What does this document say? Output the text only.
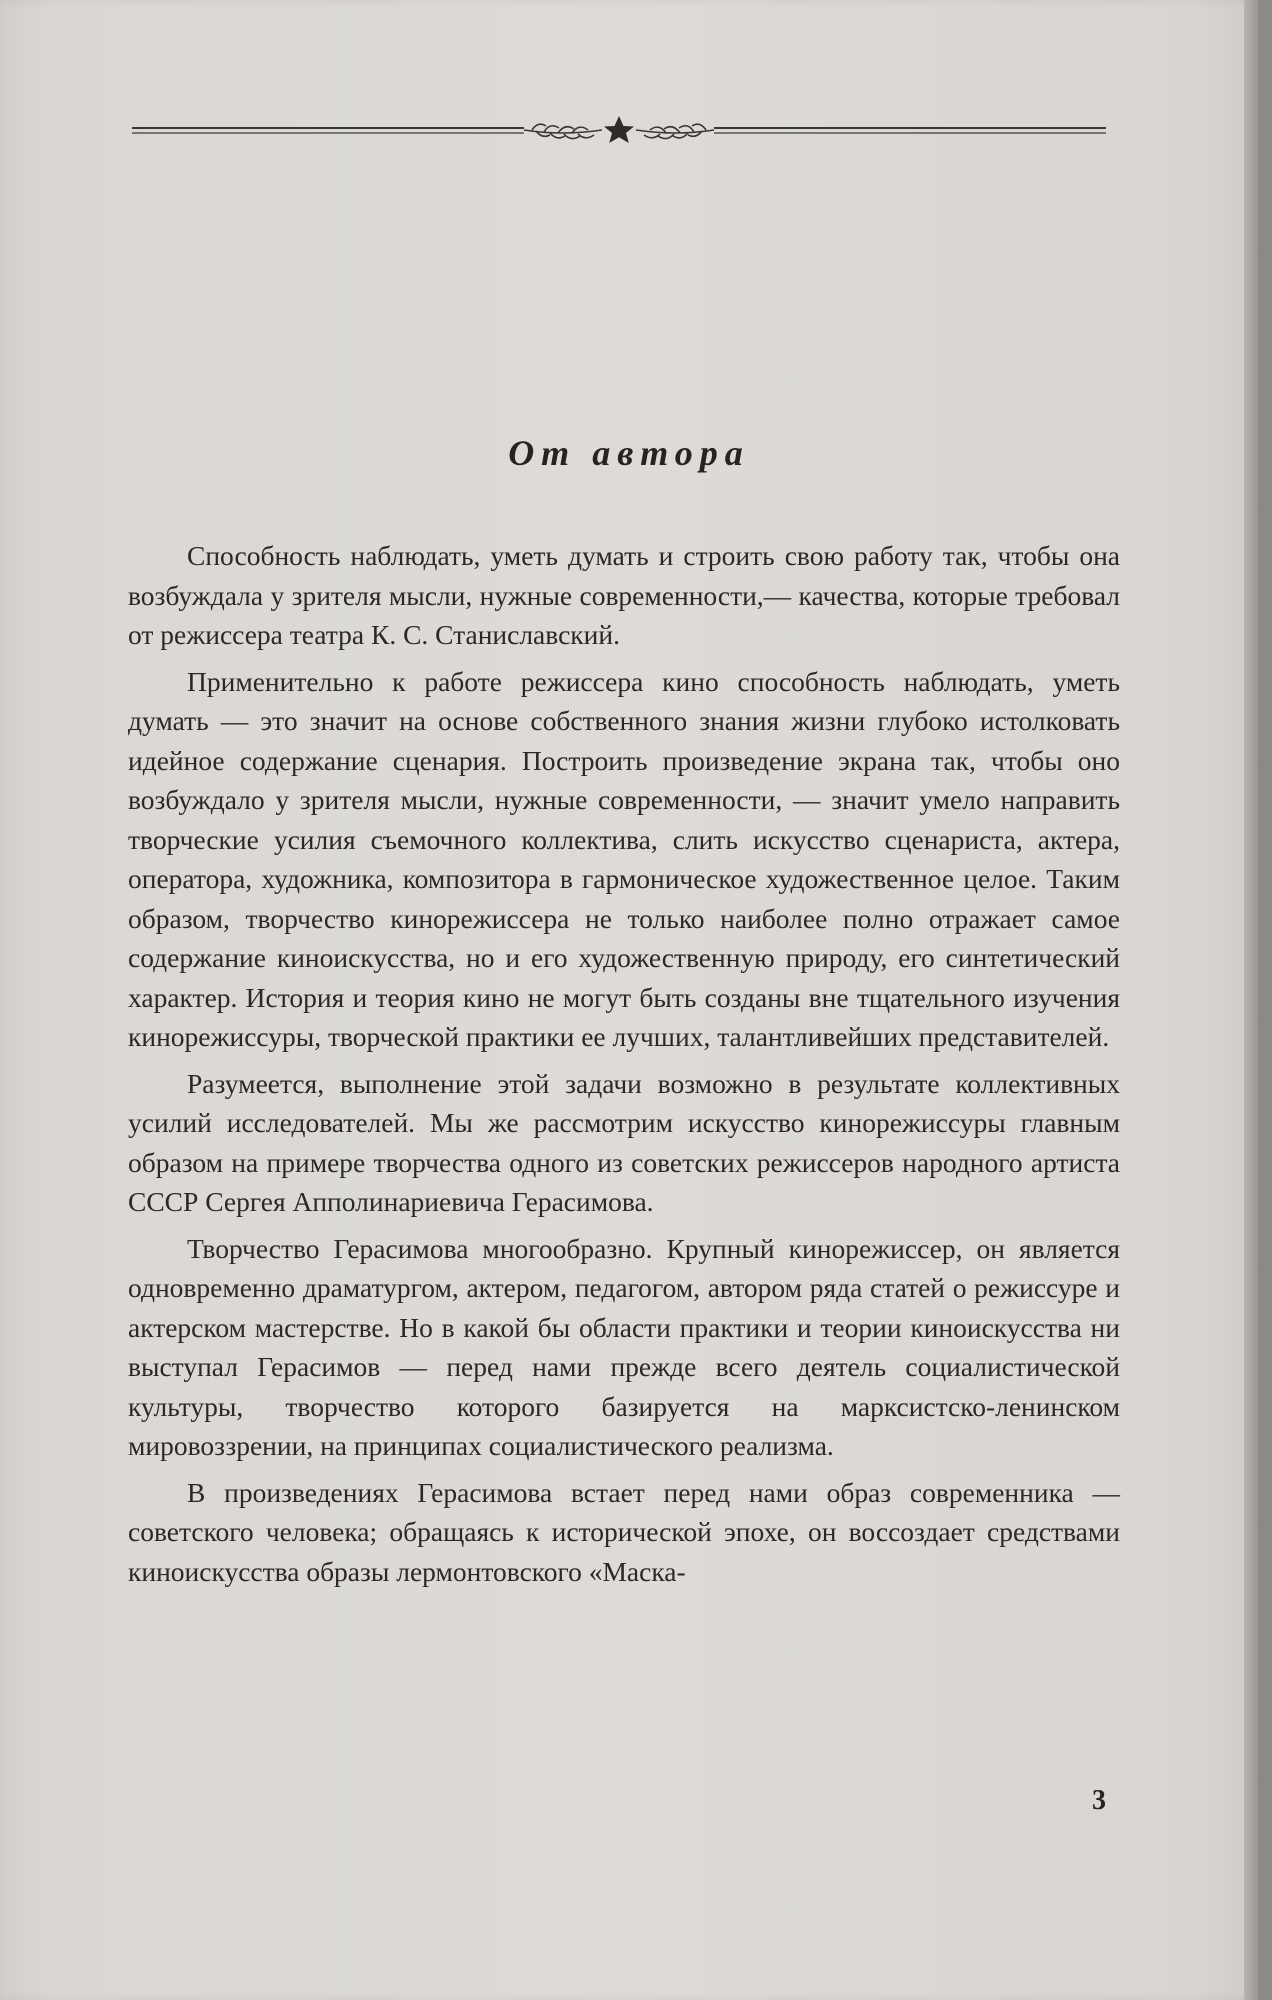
От автора

Способность наблюдать, уметь думать и строить свою работу так, чтобы она возбуждала у зрителя мысли, нужные современности,— качества, которые требовал от режиссера театра К. С. Станиславский.

Применительно к работе режиссера кино способность наблюдать, уметь думать — это значит на основе собственного знания жизни глубоко истолковать идейное содержание сценария. Построить произведение экрана так, чтобы оно возбуждало у зрителя мысли, нужные современности, — значит умело направить творческие усилия съемочного коллектива, слить искусство сценариста, актера, оператора, художника, композитора в гармоническое художественное целое. Таким образом, творчество кинорежиссера не только наиболее полно отражает самое содержание киноискусства, но и его художественную природу, его синтетический характер. История и теория кино не могут быть созданы вне тщательного изучения кинорежиссуры, творческой практики ее лучших, талантливейших представителей.

Разумеется, выполнение этой задачи возможно в результате коллективных усилий исследователей. Мы же рассмотрим искусство кинорежиссуры главным образом на примере творчества одного из советских режиссеров народного артиста СССР Сергея Апполинариевича Герасимова.

Творчество Герасимова многообразно. Крупный кинорежиссер, он является одновременно драматургом, актером, педагогом, автором ряда статей о режиссуре и актерском мастерстве. Но в какой бы области практики и теории киноискусства ни выступал Герасимов — перед нами прежде всего деятель социалистической культуры, творчество которого базируется на марксистско-ленинском мировоззрении, на принципах социалистического реализма.

В произведениях Герасимова встает перед нами образ современника — советского человека; обращаясь к исторической эпохе, он воссоздает средствами киноискусства образы лермонтовского «Маска-

3
